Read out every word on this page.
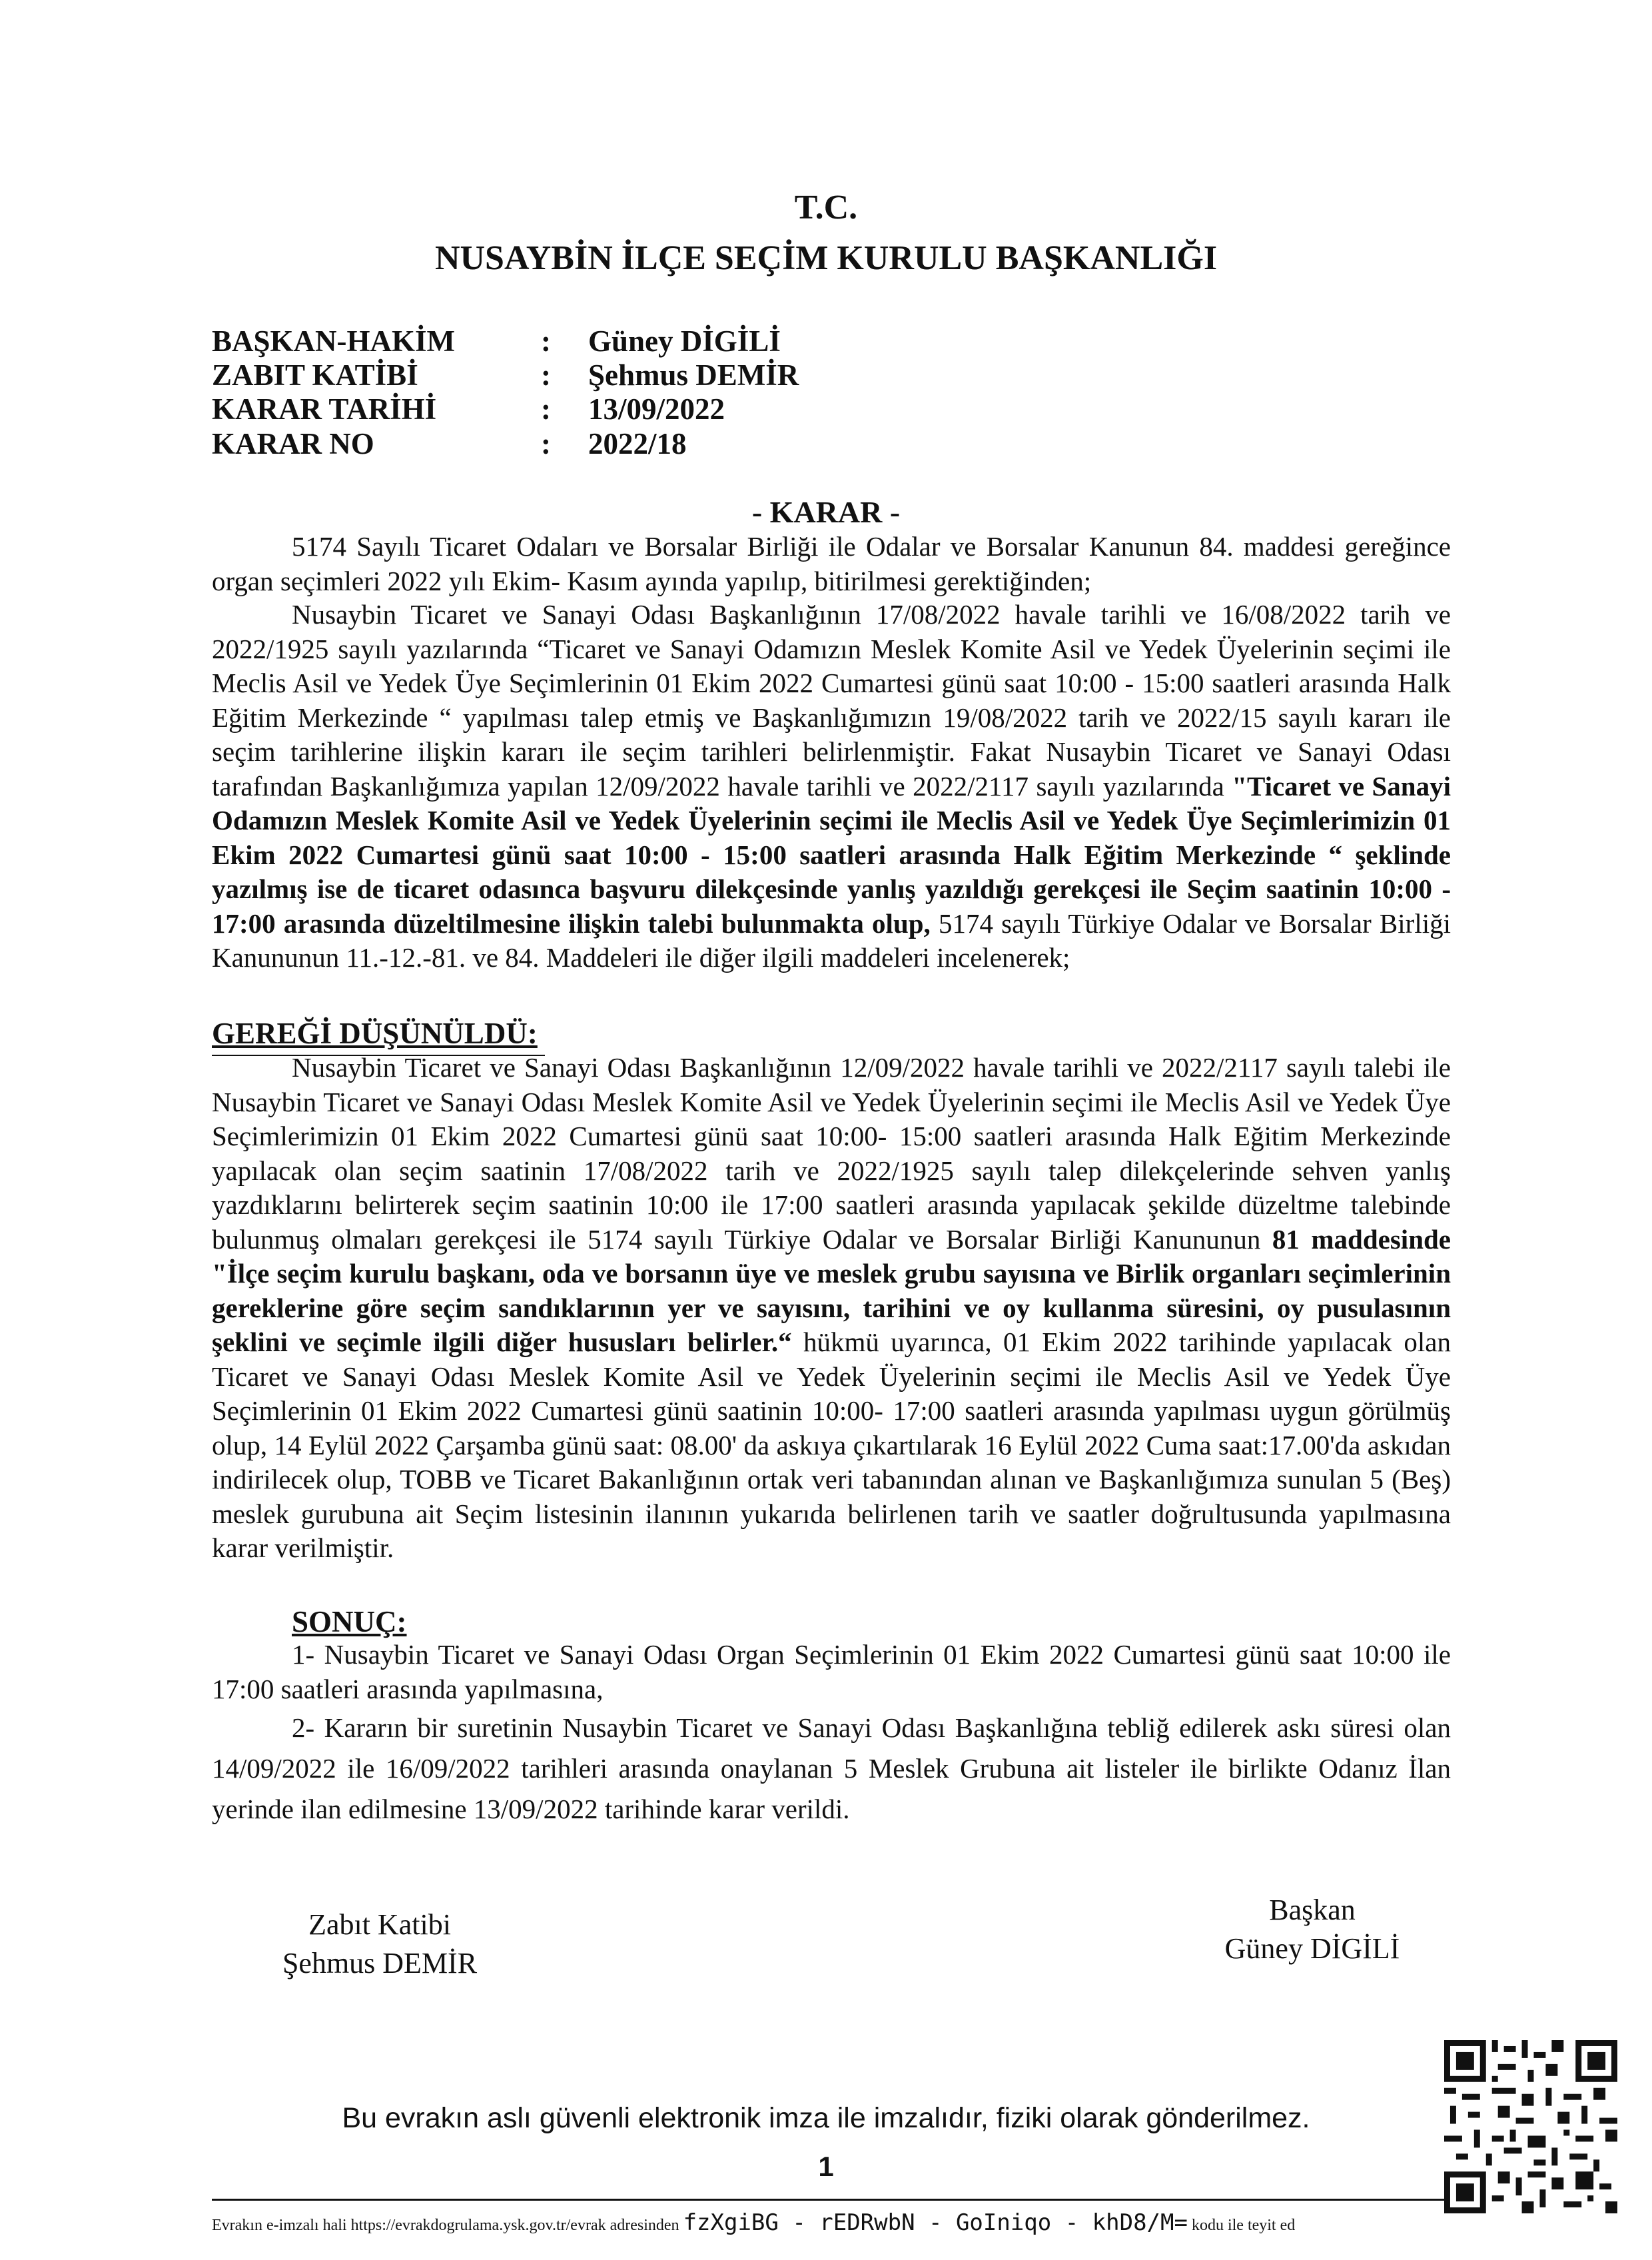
T.C.
NUSAYBİN İLÇE SEÇİM KURULU BAŞKANLIĞI
BAŞKAN-HAKİM	: Güney DİGİLİ
ZABIT KATİBİ	: Şehmus DEMİR
KARAR TARİHİ	: 13/09/2022
KARAR NO	: 2022/18
- KARAR -

5174 Sayılı Ticaret Odaları ve Borsalar Birliği ile Odalar ve Borsalar Kanunun 84. maddesi gereğince organ seçimleri 2022 yılı Ekim- Kasım ayında yapılıp, bitirilmesi gerektiğinden;

Nusaybin Ticaret ve Sanayi Odası Başkanlığının 17/08/2022 havale tarihli ve 16/08/2022 tarih ve 2022/1925 sayılı yazılarında “Ticaret ve Sanayi Odamızın Meslek Komite Asil ve Yedek Üyelerinin seçimi ile Meclis Asil ve Yedek Üye Seçimlerinin 01 Ekim 2022 Cumartesi günü saat 10:00 - 15:00 saatleri arasında Halk Eğitim Merkezinde “ yapılması talep etmiş ve Başkanlığımızın 19/08/2022 tarih ve 2022/15 sayılı kararı ile seçim tarihlerine ilişkin kararı ile seçim tarihleri belirlenmiştir. Fakat Nusaybin Ticaret ve Sanayi Odası tarafından Başkanlığımıza yapılan 12/09/2022 havale tarihli ve 2022/2117 sayılı yazılarında "Ticaret ve Sanayi Odamızın Meslek Komite Asil ve Yedek Üyelerinin seçimi ile Meclis Asil ve Yedek Üye Seçimlerimizin 01 Ekim 2022 Cumartesi günü saat 10:00 - 15:00 saatleri arasında Halk Eğitim Merkezinde “ şeklinde yazılmış ise de ticaret odasınca başvuru dilekçesinde yanlış yazıldığı gerekçesi ile Seçim saatinin 10:00 - 17:00 arasında düzeltilmesine ilişkin talebi bulunmakta olup, 5174 sayılı Türkiye Odalar ve Borsalar Birliği Kanununun 11.-12.-81. ve 84. Maddeleri ile diğer ilgili maddeleri incelenerek;

GEREĞİ DÜŞÜNÜLDÜ:

Nusaybin Ticaret ve Sanayi Odası Başkanlığının 12/09/2022 havale tarihli ve 2022/2117 sayılı talebi ile Nusaybin Ticaret ve Sanayi Odası Meslek Komite Asil ve Yedek Üyelerinin seçimi ile Meclis Asil ve Yedek Üye Seçimlerimizin 01 Ekim 2022 Cumartesi günü saat 10:00- 15:00 saatleri arasında Halk Eğitim Merkezinde yapılacak olan seçim saatinin 17/08/2022 tarih ve 2022/1925 sayılı talep dilekçelerinde sehven yanlış yazdıklarını belirterek seçim saatinin 10:00 ile 17:00 saatleri arasında yapılacak şekilde düzeltme talebinde bulunmuş olmaları gerekçesi ile 5174 sayılı Türkiye Odalar ve Borsalar Birliği Kanununun 81 maddesinde "İlçe seçim kurulu başkanı, oda ve borsanın üye ve meslek grubu sayısına ve Birlik organları seçimlerinin gereklerine göre seçim sandıklarının yer ve sayısını, tarihini ve oy kullanma süresini, oy pusulasının şeklini ve seçimle ilgili diğer hususları belirler.“ hükmü uyarınca, 01 Ekim 2022 tarihinde yapılacak olan Ticaret ve Sanayi Odası Meslek Komite Asil ve Yedek Üyelerinin seçimi ile Meclis Asil ve Yedek Üye Seçimlerinin 01 Ekim 2022 Cumartesi günü saatinin 10:00- 17:00 saatleri arasında yapılması uygun görülmüş olup, 14 Eylül 2022 Çarşamba günü saat: 08.00' da askıya çıkartılarak 16 Eylül 2022 Cuma saat:17.00'da askıdan indirilecek olup, TOBB ve Ticaret Bakanlığının ortak veri tabanından alınan ve Başkanlığımıza sunulan 5 (Beş) meslek gurubuna ait Seçim listesinin ilanının yukarıda belirlenen tarih ve saatler doğrultusunda yapılmasına karar verilmiştir.

SONUÇ:

1- Nusaybin Ticaret ve Sanayi Odası Organ Seçimlerinin 01 Ekim 2022 Cumartesi günü saat 10:00 ile 17:00 saatleri arasında yapılmasına,

2- Kararın bir suretinin Nusaybin Ticaret ve Sanayi Odası Başkanlığına tebliğ edilerek askı süresi olan 14/09/2022 ile 16/09/2022 tarihleri arasında onaylanan 5 Meslek Grubuna ait listeler ile birlikte Odanız İlan yerinde ilan edilmesine 13/09/2022 tarihinde karar verildi.

Zabıt Katibi
Şehmus DEMİR
Başkan
Güney DİGİLİ
Bu evrakın aslı güvenli elektronik imza ile imzalıdır, fiziki olarak gönderilmez.
1
Evrakın e-imzalı hali https://evrakdogrulama.ysk.gov.tr/evrak adresinden fzXgiBG - rEDRwbN - GoIniqo - khD8/M= kodu ile teyit ed
